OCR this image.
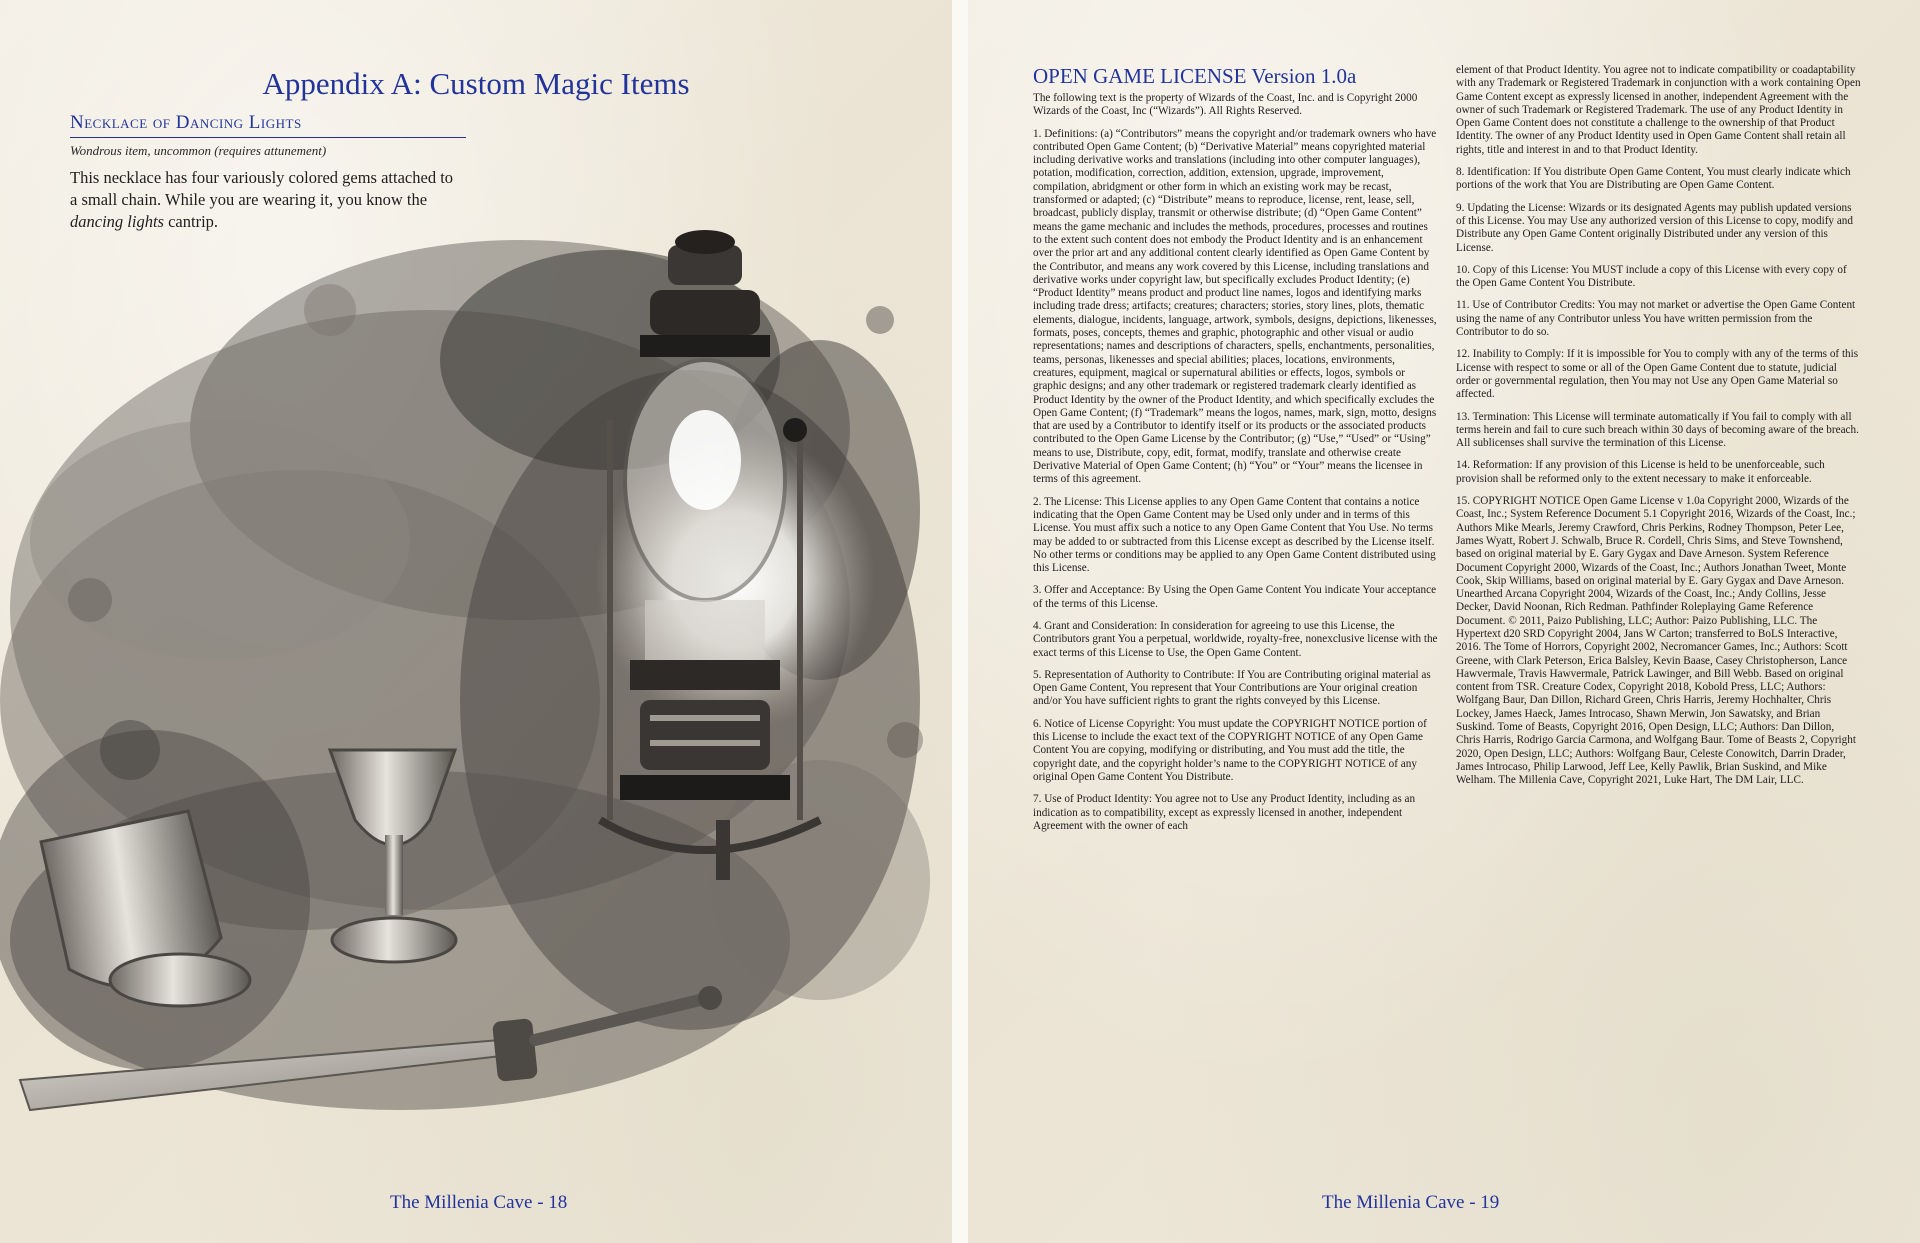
Appendix A: Custom Magic Items
Necklace of Dancing Lights
Wondrous item, uncommon (requires attunement)
This necklace has four variously colored gems attached to a small chain. While you are wearing it, you know the dancing lights cantrip.
The Millenia Cave - 18
OPEN GAME LICENSE Version 1.0a

The following text is the property of Wizards of the Coast, Inc. and is Copyright 2000 Wizards of the Coast, Inc (“Wizards”). All Rights Reserved.

1. Definitions: (a) “Contributors” means the copyright and/or trademark owners who have contributed Open Game Content; (b) “Derivative Material” means copyrighted material including derivative works and translations (including into other computer languages), potation, modification, correction, addition, extension, upgrade, improvement, compilation, abridgment or other form in which an existing work may be recast, transformed or adapted; (c) “Distribute” means to reproduce, license, rent, lease, sell, broadcast, publicly display, transmit or otherwise distribute; (d) “Open Game Content” means the game mechanic and includes the methods, procedures, processes and routines to the extent such content does not embody the Product Identity and is an enhancement over the prior art and any additional content clearly identified as Open Game Content by the Contributor, and means any work covered by this License, including translations and derivative works under copyright law, but specifically excludes Product Identity; (e) “Product Identity” means product and product line names, logos and identifying marks including trade dress; artifacts; creatures; characters; stories, story lines, plots, thematic elements, dialogue, incidents, language, artwork, symbols, designs, depictions, likenesses, formats, poses, concepts, themes and graphic, photographic and other visual or audio representations; names and descriptions of characters, spells, enchantments, personalities, teams, personas, likenesses and special abilities; places, locations, environments, creatures, equipment, magical or supernatural abilities or effects, logos, symbols or graphic designs; and any other trademark or registered trademark clearly identified as Product Identity by the owner of the Product Identity, and which specifically excludes the Open Game Content; (f) “Trademark” means the logos, names, mark, sign, motto, designs that are used by a Contributor to identify itself or its products or the associated products contributed to the Open Game License by the Contributor; (g) “Use,” “Used” or “Using” means to use, Distribute, copy, edit, format, modify, translate and otherwise create Derivative Material of Open Game Content; (h) “You” or “Your” means the licensee in terms of this agreement.

2. The License: This License applies to any Open Game Content that contains a notice indicating that the Open Game Content may be Used only under and in terms of this License. You must affix such a notice to any Open Game Content that You Use. No terms may be added to or subtracted from this License except as described by the License itself. No other terms or conditions may be applied to any Open Game Content distributed using this License.

3. Offer and Acceptance: By Using the Open Game Content You indicate Your acceptance of the terms of this License.

4. Grant and Consideration: In consideration for agreeing to use this License, the Contributors grant You a perpetual, worldwide, royalty-free, nonexclusive license with the exact terms of this License to Use, the Open Game Content.

5. Representation of Authority to Contribute: If You are Contributing original material as Open Game Content, You represent that Your Contributions are Your original creation and/or You have sufficient rights to grant the rights conveyed by this License.

6. Notice of License Copyright: You must update the COPYRIGHT NOTICE portion of this License to include the exact text of the COPYRIGHT NOTICE of any Open Game Content You are copying, modifying or distributing, and You must add the title, the copyright date, and the copyright holder’s name to the COPYRIGHT NOTICE of any original Open Game Content You Distribute.

7. Use of Product Identity: You agree not to Use any Product Identity, including as an indication as to compatibility, except as expressly licensed in another, independent Agreement with the owner of each

element of that Product Identity. You agree not to indicate compatibility or coadaptability with any Trademark or Registered Trademark in conjunction with a work containing Open Game Content except as expressly licensed in another, independent Agreement with the owner of such Trademark or Registered Trademark. The use of any Product Identity in Open Game Content does not constitute a challenge to the ownership of that Product Identity. The owner of any Product Identity used in Open Game Content shall retain all rights, title and interest in and to that Product Identity.

8. Identification: If You distribute Open Game Content, You must clearly indicate which portions of the work that You are Distributing are Open Game Content.

9. Updating the License: Wizards or its designated Agents may publish updated versions of this License. You may Use any authorized version of this License to copy, modify and Distribute any Open Game Content originally Distributed under any version of this License.

10. Copy of this License: You MUST include a copy of this License with every copy of the Open Game Content You Distribute.

11. Use of Contributor Credits: You may not market or advertise the Open Game Content using the name of any Contributor unless You have written permission from the Contributor to do so.

12. Inability to Comply: If it is impossible for You to comply with any of the terms of this License with respect to some or all of the Open Game Content due to statute, judicial order or governmental regulation, then You may not Use any Open Game Material so affected.

13. Termination: This License will terminate automatically if You fail to comply with all terms herein and fail to cure such breach within 30 days of becoming aware of the breach. All sublicenses shall survive the termination of this License.

14. Reformation: If any provision of this License is held to be unenforceable, such provision shall be reformed only to the extent necessary to make it enforceable.

15. COPYRIGHT NOTICE Open Game License v 1.0a Copyright 2000, Wizards of the Coast, Inc.; System Reference Document 5.1 Copyright 2016, Wizards of the Coast, Inc.; Authors Mike Mearls, Jeremy Crawford, Chris Perkins, Rodney Thompson, Peter Lee, James Wyatt, Robert J. Schwalb, Bruce R. Cordell, Chris Sims, and Steve Townshend, based on original material by E. Gary Gygax and Dave Arneson. System Reference Document Copyright 2000, Wizards of the Coast, Inc.; Authors Jonathan Tweet, Monte Cook, Skip Williams, based on original material by E. Gary Gygax and Dave Arneson. Unearthed Arcana Copyright 2004, Wizards of the Coast, Inc.; Andy Collins, Jesse Decker, David Noonan, Rich Redman. Pathfinder Roleplaying Game Reference Document. © 2011, Paizo Publishing, LLC; Author: Paizo Publishing, LLC. The Hypertext d20 SRD Copyright 2004, Jans W Carton; transferred to BoLS Interactive, 2016. The Tome of Horrors, Copyright 2002, Necromancer Games, Inc.; Authors: Scott Greene, with Clark Peterson, Erica Balsley, Kevin Baase, Casey Christopherson, Lance Hawvermale, Travis Hawvermale, Patrick Lawinger, and Bill Webb. Based on original content from TSR. Creature Codex, Copyright 2018, Kobold Press, LLC; Authors: Wolfgang Baur, Dan Dillon, Richard Green, Chris Harris, Jeremy Hochhalter, Chris Lockey, James Haeck, James Introcaso, Shawn Merwin, Jon Sawatsky, and Brian Suskind. Tome of Beasts, Copyright 2016, Open Design, LLC; Authors: Dan Dillon, Chris Harris, Rodrigo Garcia Carmona, and Wolfgang Baur. Tome of Beasts 2, Copyright 2020, Open Design, LLC; Authors: Wolfgang Baur, Celeste Conowitch, Darrin Drader, James Introcaso, Philip Larwood, Jeff Lee, Kelly Pawlik, Brian Suskind, and Mike Welham. The Millenia Cave, Copyright 2021, Luke Hart, The DM Lair, LLC.

The Millenia Cave - 19
